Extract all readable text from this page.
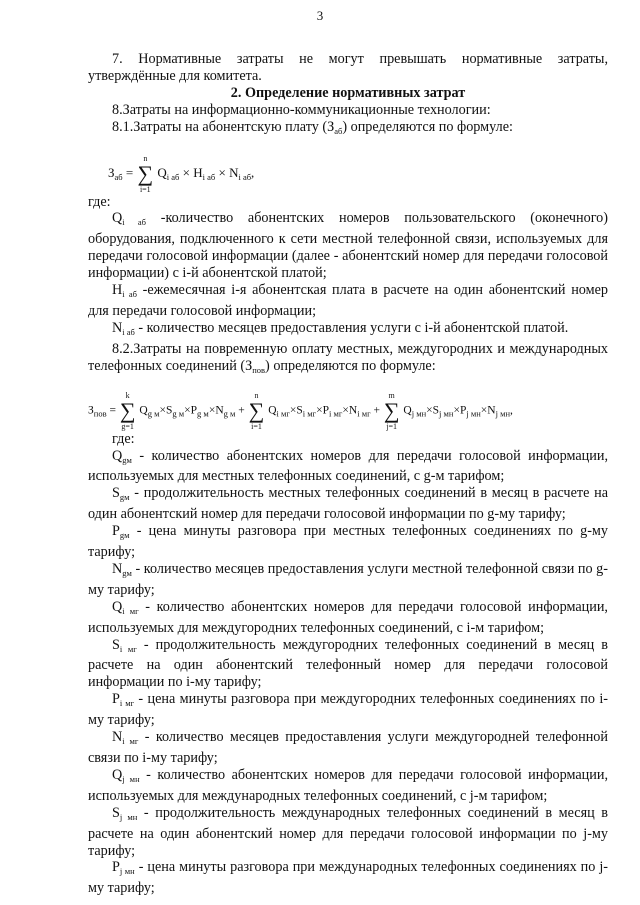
3

7. Нормативные затраты не могут превышать нормативные затраты, утверждённые для комитета.

2. Определение нормативных затрат

8.Затраты на информационно-коммуникационные технологии:

8.1.Затраты на абонентскую плату $(З_{аб})$ определяются по формуле:

$З_{аб}$ =
n
∑
i=1
$Q_{i аб} \times H_{i аб} \times N_{i аб}$,

где:

$Q_{i аб}$ -количество абонентских номеров пользовательского (оконечного) оборудования, подключенного к сети местной телефонной связи, используемых для передачи голосовой информации (далее - абонентский номер для передачи голосовой информации) с i-й абонентской платой;

$H_{i аб}$ -ежемесячная i-я абонентская плата в расчете на один абонентский номер для передачи голосовой информации;

$N_{i аб}$ - количество месяцев предоставления услуги с i-й абонентской платой.

8.2.Затраты на повременную оплату местных, междугородних и международных телефонных соединений $(З_{пов})$ определяются по формуле:

$З_{пов}$ =
k
∑
g=1
$Q_{g м}\times S_{g м}\times P_{g м}\times N_{g м}$ +
n
∑
i=1
$Q_{i мг}\times S_{i мг}\times P_{i мг}\times N_{i мг}$ +
m
∑
j=1
$Q_{j мн}\times S_{j мн}\times P_{j мн}\times N_{j мн}$,

где:

$Q_{gм}$ - количество абонентских номеров для передачи голосовой информации, используемых для местных телефонных соединений, с g-м тарифом;

$S_{gм}$ - продолжительность местных телефонных соединений в месяц в расчете на один абонентский номер для передачи голосовой информации по g-му тарифу;

$P_{gм}$ - цена минуты разговора при местных телефонных соединениях по g-му тарифу;

$N_{gм}$ - количество месяцев предоставления услуги местной телефонной связи по g-му тарифу;

$Q_{i мг}$ - количество абонентских номеров для передачи голосовой информации, используемых для междугородних телефонных соединений, с i-м тарифом;

$S_{i мг}$ - продолжительность междугородних телефонных соединений в месяц в расчете на один абонентский телефонный номер для передачи голосовой информации по i-му тарифу;

$P_{i мг}$ - цена минуты разговора при междугородних телефонных соединениях по i-му тарифу;

$N_{i мг}$ - количество месяцев предоставления услуги междугородней телефонной связи по i-му тарифу;

$Q_{j мн}$ - количество абонентских номеров для передачи голосовой информации, используемых для международных телефонных соединений, с j-м тарифом;

$S_{j мн}$ - продолжительность международных телефонных соединений в месяц в расчете на один абонентский номер для передачи голосовой информации по j-му тарифу;

$P_{j мн}$ - цена минуты разговора при международных телефонных соединениях по j-му тарифу;
